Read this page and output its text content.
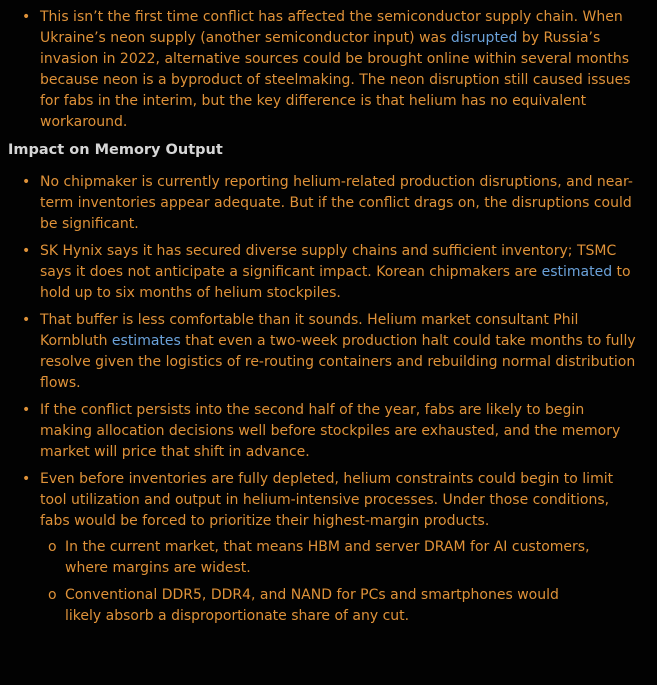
• This isn’t the first time conflict has affected the semiconductor supply chain. When Ukraine’s neon supply (another semiconductor input) was disrupted by Russia’s invasion in 2022, alternative sources could be brought online within several months because neon is a byproduct of steelmaking. The neon disruption still caused issues for fabs in the interim, but the key difference is that helium has no equivalent workaround.
Impact on Memory Output
• No chipmaker is currently reporting helium-related production disruptions, and near-term inventories appear adequate. But if the conflict drags on, the disruptions could be significant.
• SK Hynix says it has secured diverse supply chains and sufficient inventory; TSMC says it does not anticipate a significant impact. Korean chipmakers are estimated to hold up to six months of helium stockpiles.
• That buffer is less comfortable than it sounds. Helium market consultant Phil Kornbluth estimates that even a two-week production halt could take months to fully resolve given the logistics of re-routing containers and rebuilding normal distribution flows.
• If the conflict persists into the second half of the year, fabs are likely to begin making allocation decisions well before stockpiles are exhausted, and the memory market will price that shift in advance.
• Even before inventories are fully depleted, helium constraints could begin to limit tool utilization and output in helium-intensive processes. Under those conditions, fabs would be forced to prioritize their highest-margin products.
o In the current market, that means HBM and server DRAM for AI customers, where margins are widest.
o Conventional DDR5, DDR4, and NAND for PCs and smartphones would likely absorb a disproportionate share of any cut.
